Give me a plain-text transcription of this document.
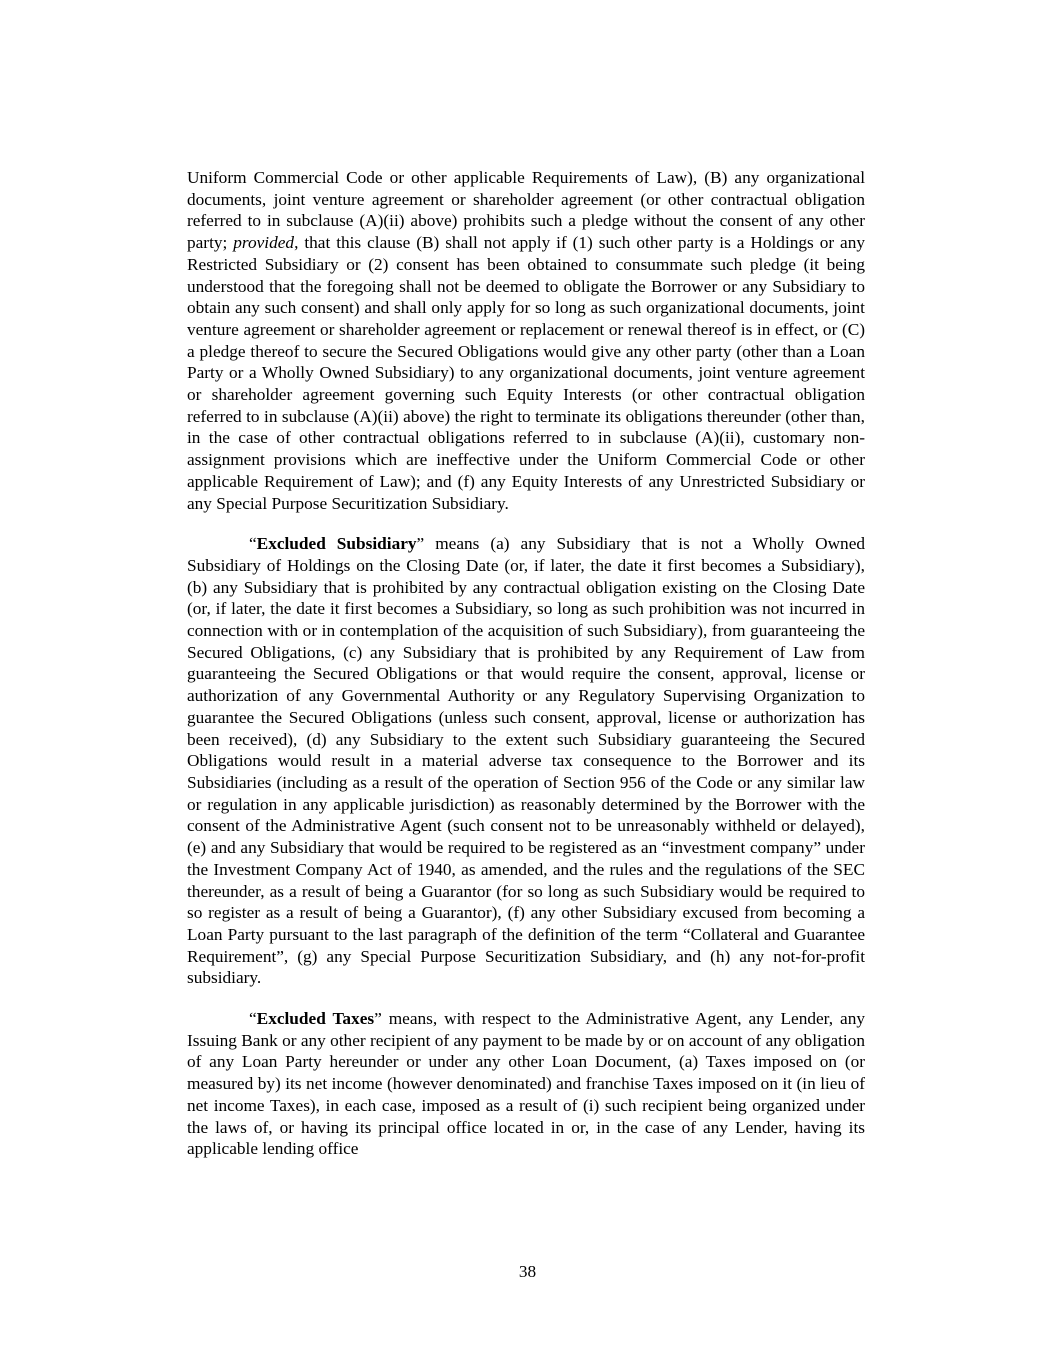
Uniform Commercial Code or other applicable Requirements of Law), (B) any organizational documents, joint venture agreement or shareholder agreement (or other contractual obligation referred to in subclause (A)(ii) above) prohibits such a pledge without the consent of any other party; provided, that this clause (B) shall not apply if (1) such other party is a Holdings or any Restricted Subsidiary or (2) consent has been obtained to consummate such pledge (it being understood that the foregoing shall not be deemed to obligate the Borrower or any Subsidiary to obtain any such consent) and shall only apply for so long as such organizational documents, joint venture agreement or shareholder agreement or replacement or renewal thereof is in effect, or (C) a pledge thereof to secure the Secured Obligations would give any other party (other than a Loan Party or a Wholly Owned Subsidiary) to any organizational documents, joint venture agreement or shareholder agreement governing such Equity Interests (or other contractual obligation referred to in subclause (A)(ii) above) the right to terminate its obligations thereunder (other than, in the case of other contractual obligations referred to in subclause (A)(ii), customary non-assignment provisions which are ineffective under the Uniform Commercial Code or other applicable Requirement of Law); and (f) any Equity Interests of any Unrestricted Subsidiary or any Special Purpose Securitization Subsidiary.

“Excluded Subsidiary” means (a) any Subsidiary that is not a Wholly Owned Subsidiary of Holdings on the Closing Date (or, if later, the date it first becomes a Subsidiary), (b) any Subsidiary that is prohibited by any contractual obligation existing on the Closing Date (or, if later, the date it first becomes a Subsidiary, so long as such prohibition was not incurred in connection with or in contemplation of the acquisition of such Subsidiary), from guaranteeing the Secured Obligations, (c) any Subsidiary that is prohibited by any Requirement of Law from guaranteeing the Secured Obligations or that would require the consent, approval, license or authorization of any Governmental Authority or any Regulatory Supervising Organization to guarantee the Secured Obligations (unless such consent, approval, license or authorization has been received), (d) any Subsidiary to the extent such Subsidiary guaranteeing the Secured Obligations would result in a material adverse tax consequence to the Borrower and its Subsidiaries (including as a result of the operation of Section 956 of the Code or any similar law or regulation in any applicable jurisdiction) as reasonably determined by the Borrower with the consent of the Administrative Agent (such consent not to be unreasonably withheld or delayed), (e) and any Subsidiary that would be required to be registered as an “investment company” under the Investment Company Act of 1940, as amended, and the rules and the regulations of the SEC thereunder, as a result of being a Guarantor (for so long as such Subsidiary would be required to so register as a result of being a Guarantor), (f) any other Subsidiary excused from becoming a Loan Party pursuant to the last paragraph of the definition of the term “Collateral and Guarantee Requirement”, (g) any Special Purpose Securitization Subsidiary, and (h) any not-for-profit subsidiary.

“Excluded Taxes” means, with respect to the Administrative Agent, any Lender, any Issuing Bank or any other recipient of any payment to be made by or on account of any obligation of any Loan Party hereunder or under any other Loan Document, (a) Taxes imposed on (or measured by) its net income (however denominated) and franchise Taxes imposed on it (in lieu of net income Taxes), in each case, imposed as a result of (i) such recipient being organized under the laws of, or having its principal office located in or, in the case of any Lender, having its applicable lending office

38
